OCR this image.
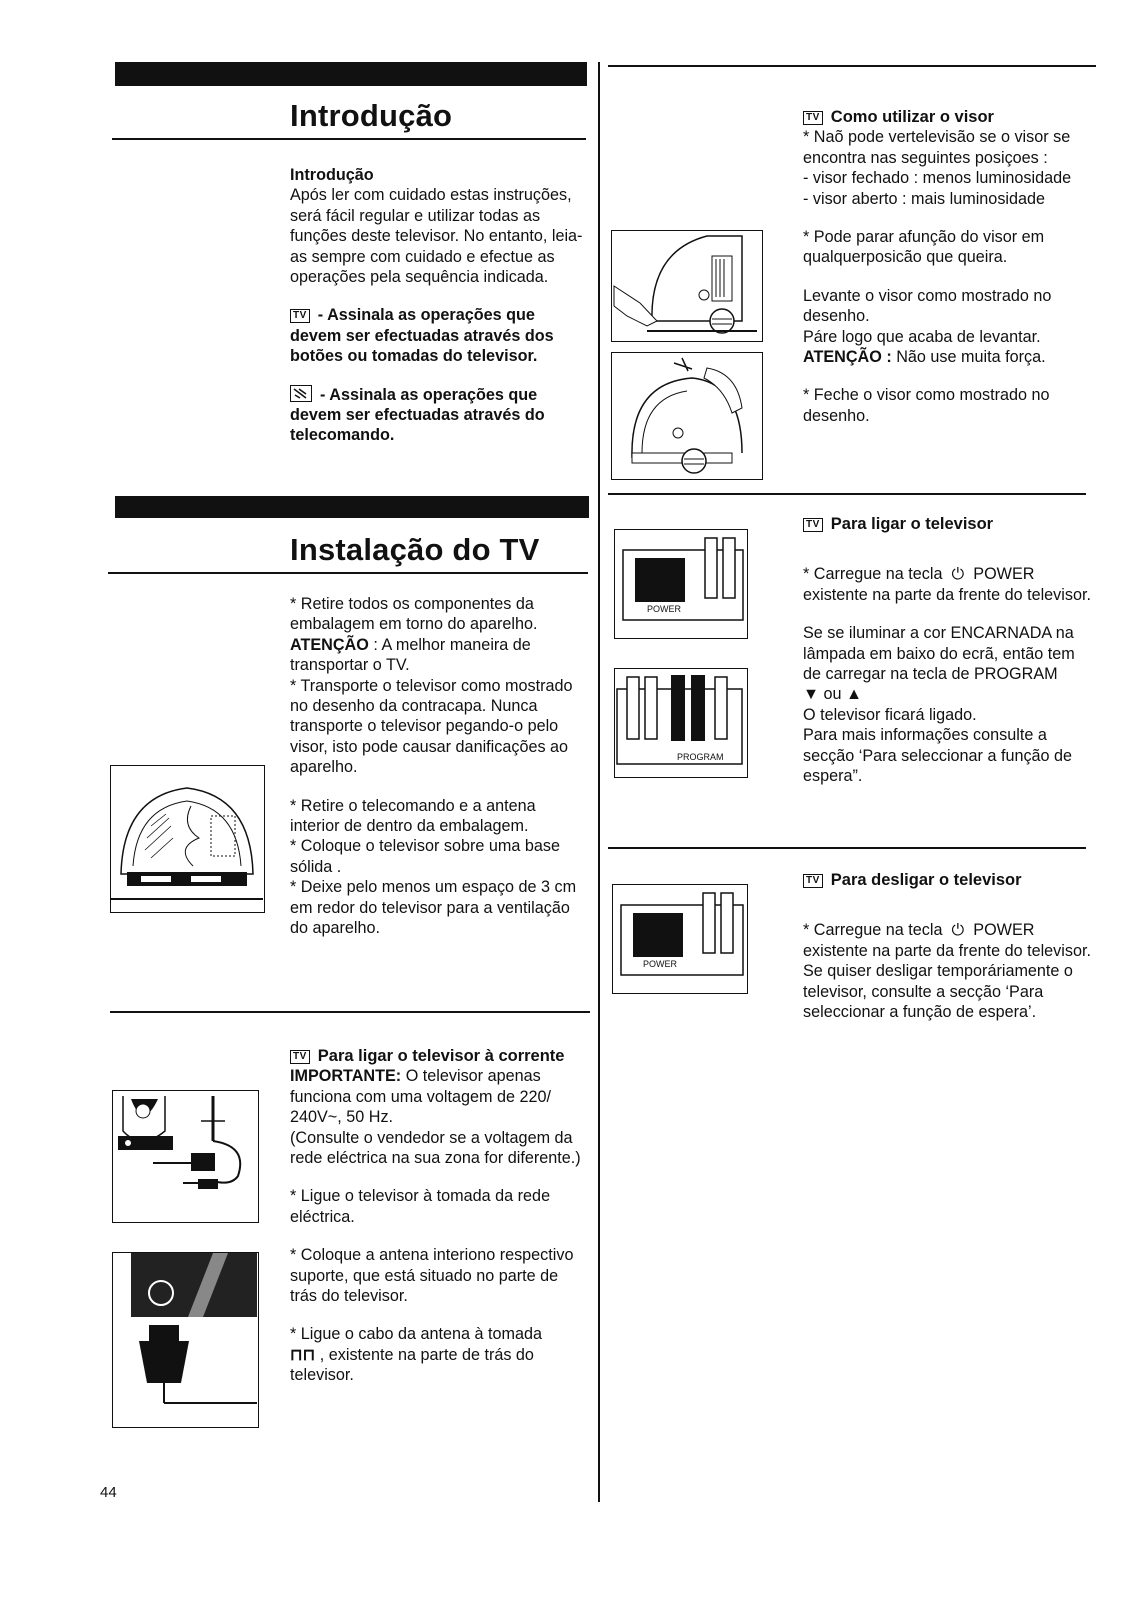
Introdução

Introdução

Após ler com cuidado estas instruções, será fácil regular e utilizar todas as funções deste televisor. No entanto, leia-as sempre com cuidado e efectue as operações pela sequência indicada.

TV - Assinala as operações que devem ser efectuadas através dos botões ou tomadas do televisor.

- Assinala as operações que devem ser efectuadas através do telecomando.

Instalação do TV

* Retire todos os componentes da embalagem em torno do aparelho.

ATENÇÃO : A melhor maneira de transportar o TV.

* Transporte o televisor como mostrado no desenho da contracapa. Nunca transporte o televisor pegando-o pelo visor, isto pode causar danificações ao aparelho.

* Retire o telecomando e a antena interior de dentro da embalagem.

* Coloque o televisor sobre uma base sólida .

* Deixe pelo menos um espaço de 3 cm em redor do televisor para a ventilação do aparelho.

TV Para ligar o televisor à corrente

IMPORTANTE: O televisor apenas funciona com uma voltagem de 220/ 240V~, 50 Hz.

(Consulte o vendedor se a voltagem da rede eléctrica na sua zona for diferente.)

* Ligue o televisor à tomada da rede eléctrica.

* Coloque a antena interiono respectivo suporte, que está situado no parte de trás do televisor.

* Ligue o cabo da antena à tomada
⊓⊓ , existente na parte de trás do televisor.

44

TV Como utilizar o visor

* Naõ pode vertelevisão se o visor se encontra nas seguintes posiçoes :

- visor fechado : menos luminosidade

- visor aberto : mais luminosidade

* Pode parar afunção do visor em qualquerposicão que queira.

Levante o visor como mostrado no desenho.

Páre logo que acaba de levantar.

ATENÇÃO : Não use muita força.

* Feche o visor como mostrado no desenho.

TV Para ligar o televisor

* Carregue na tecla ⏻ POWER

existente na parte da frente do televisor.

Se se iluminar a cor ENCARNADA na lâmpada em baixo do ecrã, então tem de carregar na tecla de PROGRAM

▼ ou ▲

O televisor ficará ligado.

Para mais informações consulte a secção ‘Para seleccionar a função de espera”.

POWER
PROGRAM

TV Para desligar o televisor

* Carregue na tecla ⏻ POWER

existente na parte da frente do televisor.

Se quiser desligar temporáriamente o televisor, consulte a secção ‘Para seleccionar a função de espera’.

POWER
